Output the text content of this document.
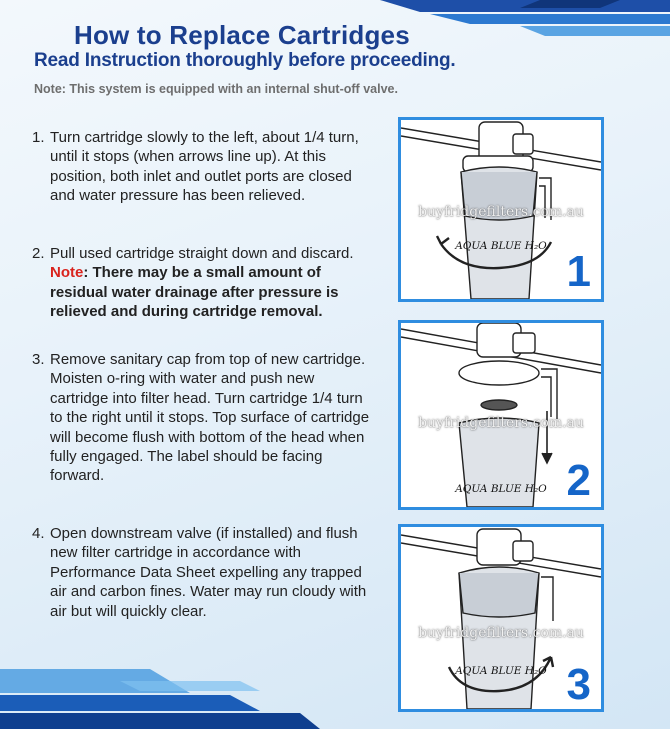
How to Replace Cartridges
Read Instruction thoroughly before proceeding.

Note: This system is equipped with an internal shut-off valve.

1. Turn cartridge slowly to the left, about 1/4 turn, until it stops (when arrows line up). At this position, both inlet and outlet ports are closed and water pressure has been relieved.
2. Pull used cartridge straight down and discard.  Note: There may be a small amount of residual water drainage after pressure is relieved and during cartridge removal.
3. Remove sanitary cap from top of new cartridge. Moisten o-ring with water and push new cartridge into filter head. Turn cartridge 1/4 turn to the right until it stops. Top surface of cartridge will become flush with bottom of the head when fully engaged. The label should be facing forward.
4. Open downstream valve (if installed) and flush new filter cartridge in accordance with Performance Data Sheet expelling any trapped air and carbon fines. Water may run cloudy with air but will quickly clear.
buyfridgefilters.com.au
AQUA BLUE H₂O
1
buyfridgefilters.com.au
AQUA BLUE H₂O 2
buyfridgefilters.com.au
AQUA BLUE H₂O 3
